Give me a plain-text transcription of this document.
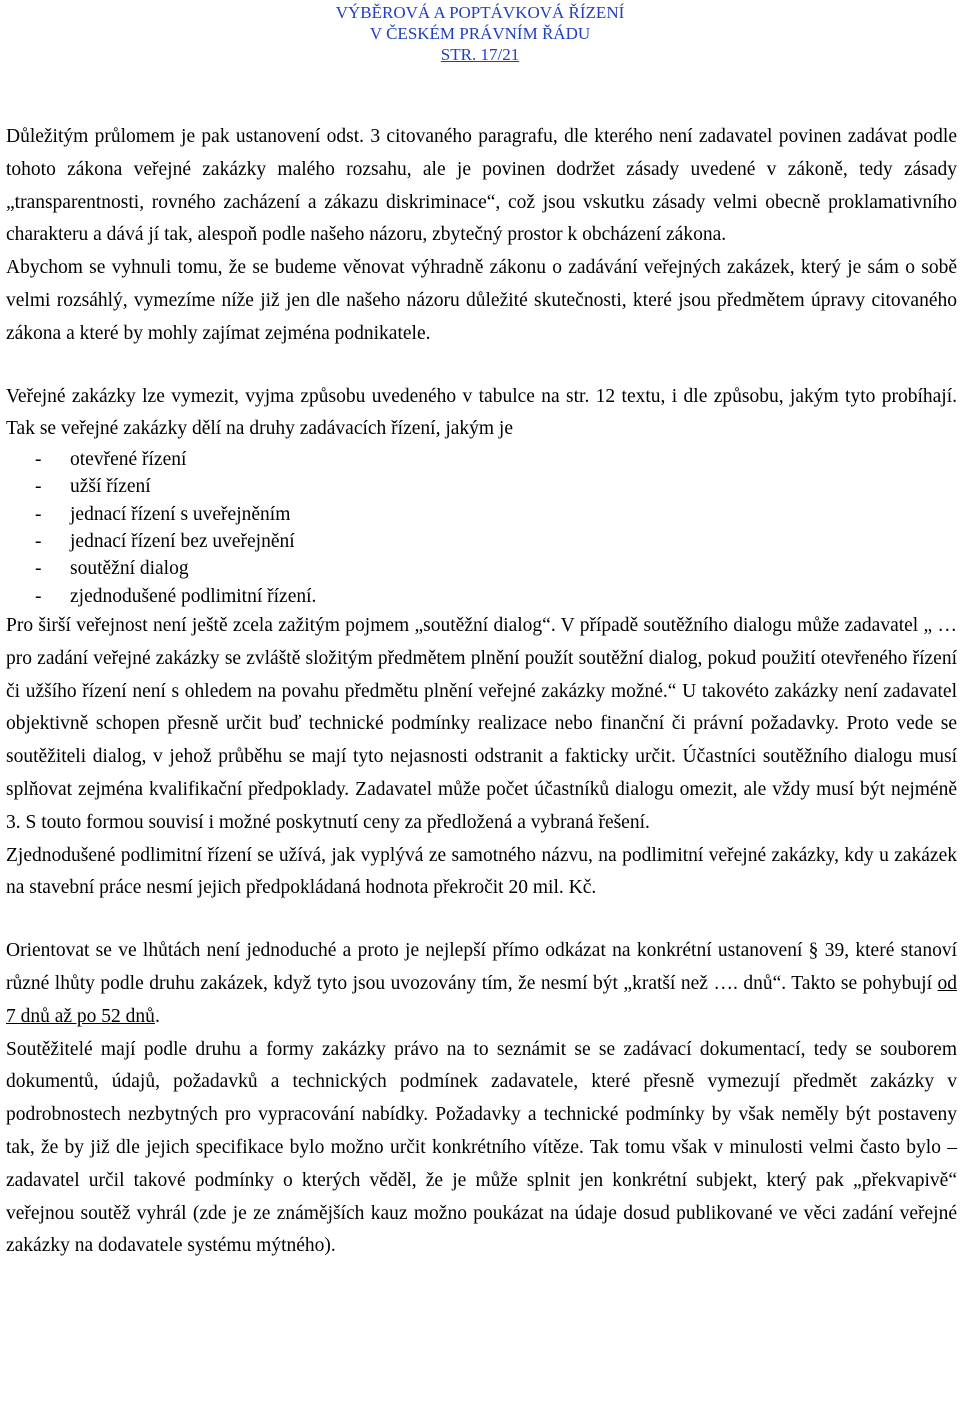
VÝBĚROVÁ A POPTÁVKOVÁ ŘÍZENÍ
V ČESKÉM PRÁVNÍM ŘÁDU
STR. 17/21

Důležitým průlomem je pak ustanovení odst. 3 citovaného paragrafu, dle kterého není zadavatel povinen zadávat podle tohoto zákona veřejné zakázky malého rozsahu, ale je povinen dodržet zásady uvedené v zákoně, tedy zásady „transparentnosti, rovného zacházení a zákazu diskriminace“, což jsou vskutku zásady velmi obecně proklamativního charakteru a dává jí tak, alespoň podle našeho názoru, zbytečný prostor k obcházení zákona.

Abychom se vyhnuli tomu, že se budeme věnovat výhradně zákonu o zadávání veřejných zakázek, který je sám o sobě velmi rozsáhlý, vymezíme níže již jen dle našeho názoru důležité skutečnosti, které jsou předmětem úpravy citovaného zákona a které by mohly zajímat zejména podnikatele.

Veřejné zakázky lze vymezit, vyjma způsobu uvedeného v tabulce na str. 12 textu, i dle způsobu, jakým tyto probíhají. Tak se veřejné zakázky dělí na druhy zadávacích řízení, jakým je

- otevřené řízení
- užší řízení
- jednací řízení s uveřejněním
- jednací řízení bez uveřejnění
- soutěžní dialog
- zjednodušené podlimitní řízení.

Pro širší veřejnost není ještě zcela zažitým pojmem „soutěžní dialog“. V případě soutěžního dialogu může zadavatel „ … pro zadání veřejné zakázky se zvláště složitým předmětem plnění použít soutěžní dialog, pokud použití otevřeného řízení či užšího řízení není s ohledem na povahu předmětu plnění veřejné zakázky možné.“ U takovéto zakázky není zadavatel objektivně schopen přesně určit buď technické podmínky realizace nebo finanční či právní požadavky. Proto vede se soutěžiteli dialog, v jehož průběhu se mají tyto nejasnosti odstranit a fakticky určit. Účastníci soutěžního dialogu musí splňovat zejména kvalifikační předpoklady. Zadavatel může počet účastníků dialogu omezit, ale vždy musí být nejméně 3. S touto formou souvisí i možné poskytnutí ceny za předložená a vybraná řešení.

Zjednodušené podlimitní řízení se užívá, jak vyplývá ze samotného názvu, na podlimitní veřejné zakázky, kdy u zakázek na stavební práce nesmí jejich předpokládaná hodnota překročit 20 mil. Kč.

Orientovat se ve lhůtách není jednoduché a proto je nejlepší přímo odkázat na konkrétní ustanovení § 39, které stanoví různé lhůty podle druhu zakázek, když tyto jsou uvozovány tím, že nesmí být „kratší než …. dnů“. Takto se pohybují od 7 dnů až po 52 dnů.

Soutěžitelé mají podle druhu a formy zakázky právo na to seznámit se se zadávací dokumentací, tedy se souborem dokumentů, údajů, požadavků a technických podmínek zadavatele, které přesně vymezují předmět zakázky v podrobnostech nezbytných pro vypracování nabídky. Požadavky a technické podmínky by však neměly být postaveny tak, že by již dle jejich specifikace bylo možno určit konkrétního vítěze. Tak tomu však v minulosti velmi často bylo – zadavatel určil takové podmínky o kterých věděl, že je může splnit jen konkrétní subjekt, který pak „překvapivě“ veřejnou soutěž vyhrál (zde je ze známějších kauz možno poukázat na údaje dosud publikované ve věci zadání veřejné zakázky na dodavatele systému mýtného).
